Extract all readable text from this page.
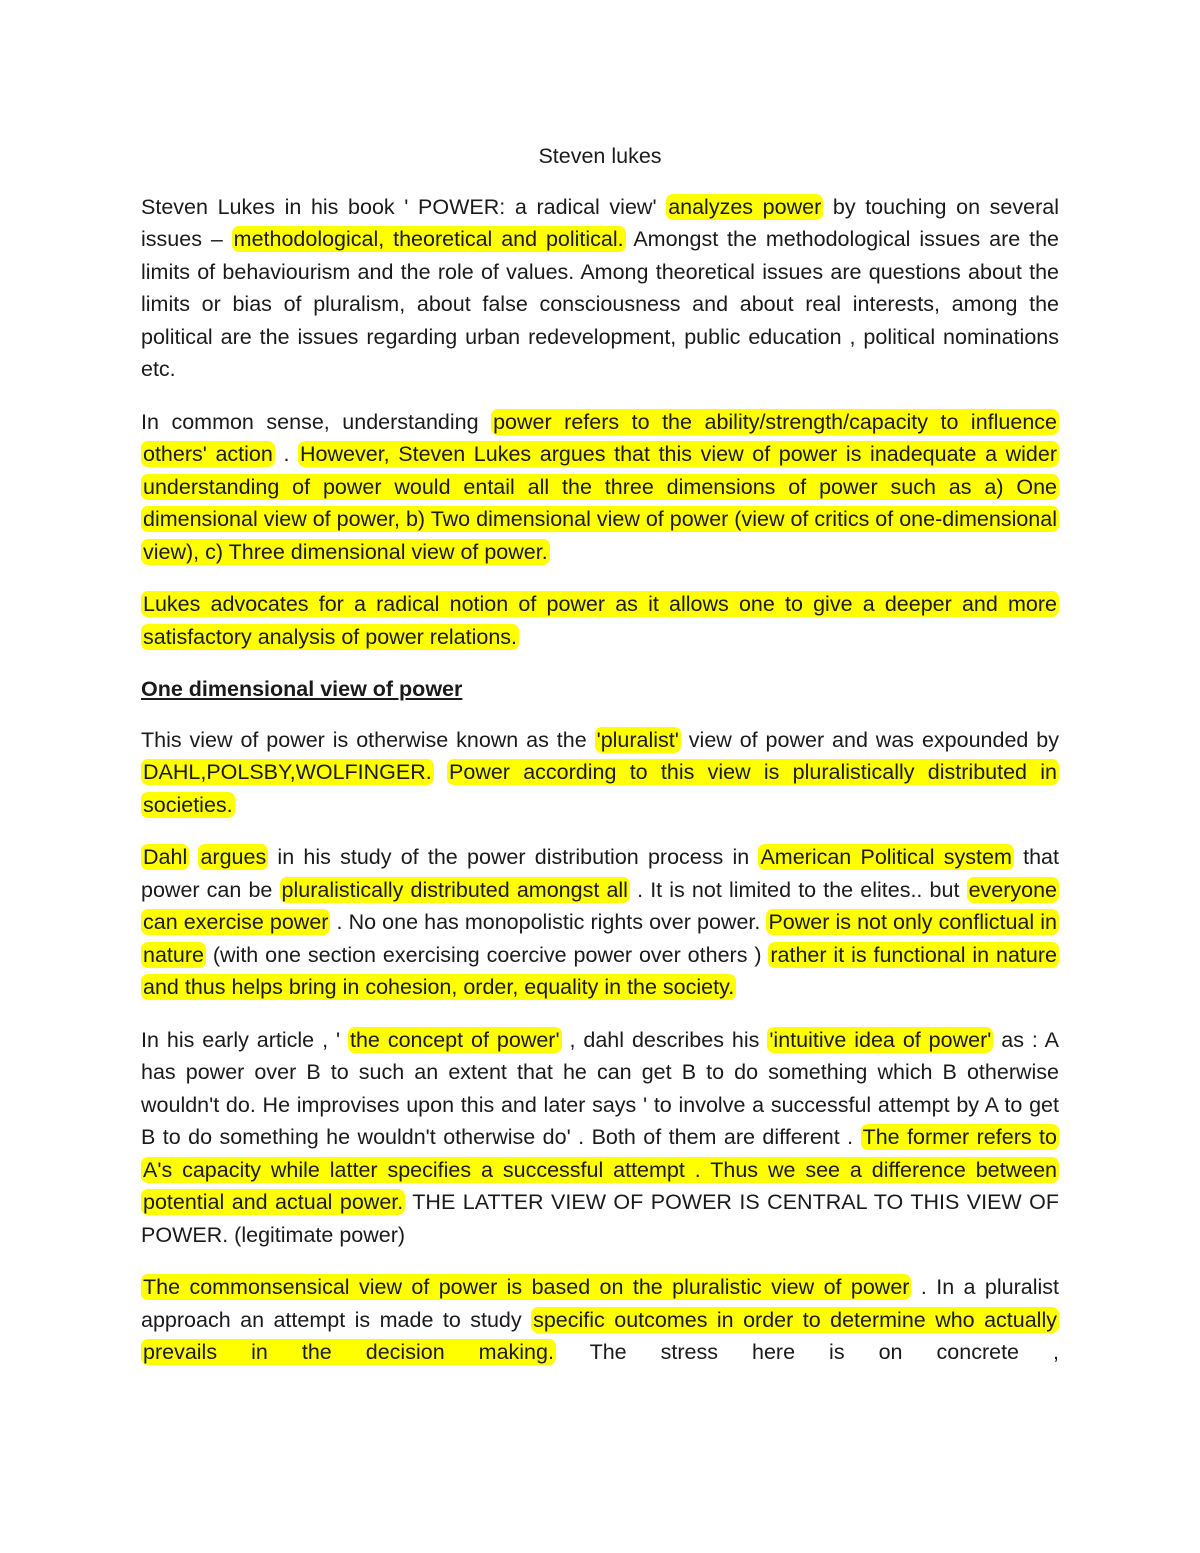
Steven lukes

Steven Lukes in his book ' POWER: a radical view' analyzes power by touching on several issues – methodological, theoretical and political. Amongst the methodological issues are the limits of behaviourism and the role of values. Among theoretical issues are questions about the limits or bias of pluralism, about false consciousness and about real interests, among the political are the issues regarding urban redevelopment, public education , political nominations etc.

In common sense, understanding power refers to the ability/strength/capacity to influence others' action . However, Steven Lukes argues that this view of power is inadequate a wider understanding of power would entail all the three dimensions of power such as a) One dimensional view of power, b) Two dimensional view of power (view of critics of one-dimensional view), c) Three dimensional view of power.

Lukes advocates for a radical notion of power as it allows one to give a deeper and more satisfactory analysis of power relations.

One dimensional view of power

This view of power is otherwise known as the 'pluralist' view of power and was expounded by DAHL,POLSBY,WOLFINGER. Power according to this view is pluralistically distributed in societies.

Dahl argues in his study of the power distribution process in American Political system that power can be pluralistically distributed amongst all . It is not limited to the elites.. but everyone can exercise power . No one has monopolistic rights over power. Power is not only conflictual in nature (with one section exercising coercive power over others ) rather it is functional in nature and thus helps bring in cohesion, order, equality in the society.

In his early article , ' the concept of power' , dahl describes his 'intuitive idea of power' as : A has power over B to such an extent that he can get B to do something which B otherwise wouldn't do. He improvises upon this and later says ' to involve a successful attempt by A to get B to do something he wouldn't otherwise do' . Both of them are different . The former refers to A's capacity while latter specifies a successful attempt . Thus we see a difference between potential and actual power. THE LATTER VIEW OF POWER IS CENTRAL TO THIS VIEW OF POWER. (legitimate power)

The commonsensical view of power is based on the pluralistic view of power . In a pluralist approach an attempt is made to study specific outcomes in order to determine who actually prevails in the decision making. The stress here is on concrete ,
